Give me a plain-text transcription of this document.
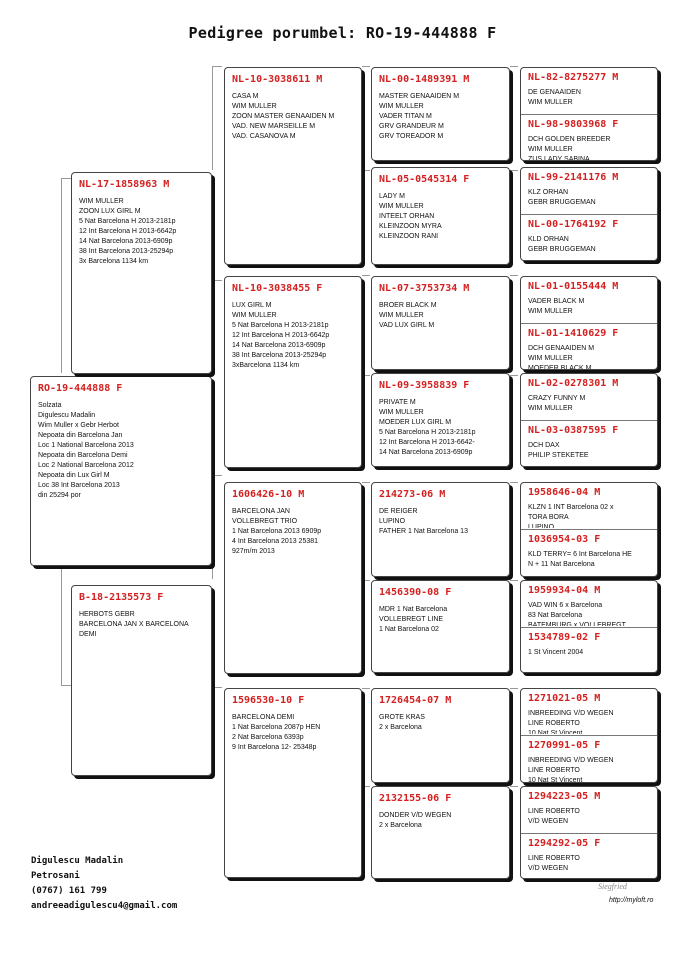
Pedigree porumbel: RO-19-444888 F
RO-19-444888 F
Solzata
Digulescu Madalin
Wim Muller x Gebr Herbot
Nepoata din Barcelona Jan
Loc 1 National Barcelona 2013
Nepoata din Barcelona Demi
Loc 2 National Barcelona 2012
Nepoata din Lux Girl M
Loc 38 Int Barcelona 2013
din 25294 por
NL-17-1858963 M
WIM MULLER
ZOON LUX GIRL M
5 Nat Barcelona H 2013-2181p
12 Int Barcelona H 2013-6642p
14 Nat Barcelona 2013-6909p
38 Int Barcelona 2013-25294p
3x Barcelona 1134 km
B-18-2135573 F
HERBOTS GEBR
BARCELONA JAN X BARCELONA
DEMI
NL-10-3038611 M
CASA M
WIM MULLER
ZOON MASTER GENAAIDEN M
VAD. NEW MARSEILLE M
VAD. CASANOVA M
NL-10-3038455 F
LUX GIRL M
WIM MULLER
5 Nat Barcelona H 2013-2181p
12 Int Barcelona H 2013-6642p
14 Nat Barcelona 2013-6909p
38 Int Barcelona 2013-25294p
3xBarcelona 1134 km
1606426-10 M
BARCELONA JAN
VOLLEBREGT TRIO
1 Nat Barcelona 2013 6909p
4 Int Barcelona 2013 25381
927m/m 2013
1596530-10 F
BARCELONA DEMI
1 Nat Barcelona 2087p HEN
2 Nat Barcelona 6393p
9 Int Barcelona 12- 25348p
NL-00-1489391 M
MASTER GENAAIDEN M
WIM MULLER
VADER TITAN M
GRV GRANDEUR M
GRV TOREADOR M
NL-05-0545314 F
LADY M
WIM MULLER
INTEELT ORHAN
KLEINZOON MYRA
KLEINZOON RANI
NL-07-3753734 M
BROER BLACK M
WIM MULLER
VAD LUX GIRL M
NL-09-3958839 F
PRIVATE M
WIM MULLER
MOEDER LUX GIRL M
5 Nat Barcelona H 2013-2181p
12 Int Barcelona H 2013-6642-
14 Nat Barcelona 2013-6909p
214273-06 M
DE REIGER
LUPINO
FATHER 1 Nat Barcelona 13
1456390-08 F
MDR 1 Nat Barcelona
VOLLEBREGT LINE
1 Nat Barcelona 02
1726454-07 M
GROTE KRAS
2 x Barcelona
2132155-06 F
DONDER V/D WEGEN
2 x Barcelona
NL-82-8275277 M
DE GENAAIDEN
WIM MULLER
NL-98-9803968 F
DCH GOLDEN BREEDER
WIM MULLER
ZUS LADY SABINA
NL-99-2141176 M
KLZ ORHAN
GEBR BRUGGEMAN
NL-00-1764192 F
KLD ORHAN
GEBR BRUGGEMAN
NL-01-0155444 M
VADER BLACK M
WIM MULLER
NL-01-1410629 F
DCH GENAAIDEN M
WIM MULLER
MOEDER BLACK M
NL-02-0278301 M
CRAZY FUNNY M
WIM MULLER
NL-03-0387595 F
DCH DAX
PHILIP STEKETEE
1958646-04 M
KLZN 1 INT Barcelona 02 x
TORA BORA
LUPINO
1036954-03 F
KLD TERRY= 6 Int Barcelona HE
N + 11 Nat Barcelona
1959934-04 M
VAD WIN 6 x Barcelona
83 Nat Barcelona
BATEMBURG x VOLLEBREGT
1534789-02 F
1 St Vincent 2004
1271021-05 M
INBREEDING V/D WEGEN
LINE ROBERTO
10 Nat St Vincent
1270991-05 F
INBREEDING V/D WEGEN
LINE ROBERTO
10 Nat St Vincent
1294223-05 M
LINE ROBERTO
V/D WEGEN
1294292-05 F
LINE ROBERTO
V/D WEGEN
Digulescu Madalin
Petrosani
(0767) 161 799
andreeadigulescu4@gmail.com
Siegfried
http://myloft.ro
